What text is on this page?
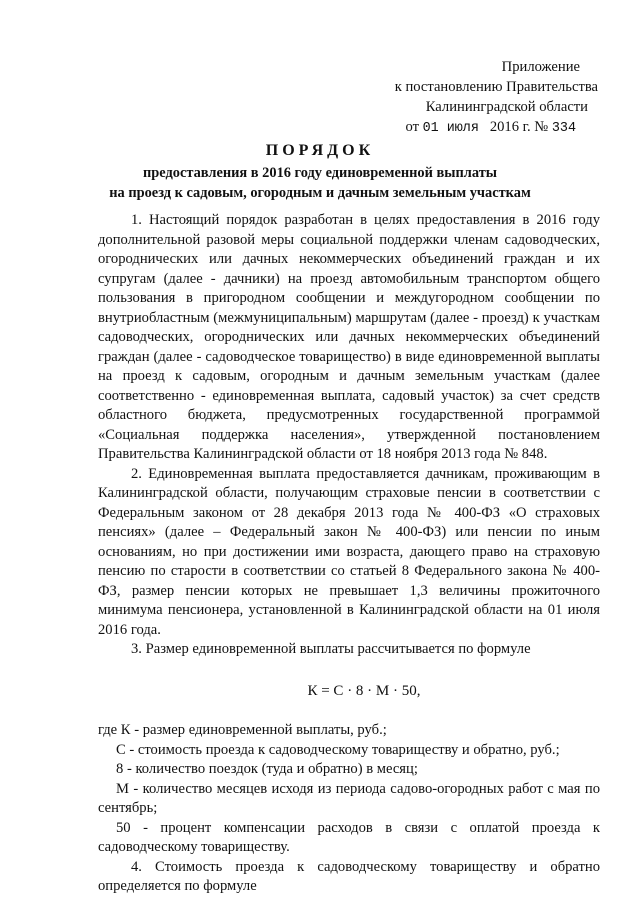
Приложение
к постановлению Правительства
Калининградской области
от 01 июля 2016 г. № 334
ПОРЯДОК
предоставления в 2016 году единовременной выплаты
на проезд к садовым, огородным и дачным земельным участкам

1. Настоящий порядок разработан в целях предоставления в 2016 году дополнительной разовой меры социальной поддержки членам садоводческих, огороднических или дачных некоммерческих объединений граждан и их супругам (далее - дачники) на проезд автомобильным транспортом общего пользования в пригородном сообщении и междугородном сообщении по внутриобластным (межмуниципальным) маршрутам (далее - проезд) к участкам садоводческих, огороднических или дачных некоммерческих объединений граждан (далее - садоводческое товарищество) в виде единовременной выплаты на проезд к садовым, огородным и дачным земельным участкам (далее соответственно - единовременная выплата, садовый участок) за счет средств областного бюджета, предусмотренных государственной программой «Социальная поддержка населения», утвержденной постановлением Правительства Калининградской области от 18 ноября 2013 года № 848.

2. Единовременная выплата предоставляется дачникам, проживающим в Калининградской области, получающим страховые пенсии в соответствии с Федеральным законом от 28 декабря 2013 года № 400-ФЗ «О страховых пенсиях» (далее – Федеральный закон № 400-ФЗ) или пенсии по иным основаниям, но при достижении ими возраста, дающего право на страховую пенсию по старости в соответствии со статьей 8 Федерального закона № 400-ФЗ, размер пенсии которых не превышает 1,3 величины прожиточного минимума пенсионера, установленной в Калининградской области на 01 июля 2016 года.

3. Размер единовременной выплаты рассчитывается по формуле

К = С · 8 · М · 50,

где К - размер единовременной выплаты, руб.;

С - стоимость проезда к садоводческому товариществу и обратно, руб.;

8 - количество поездок (туда и обратно) в месяц;

М - количество месяцев исходя из периода садово-огородных работ с мая по сентябрь;

50 - процент компенсации расходов в связи с оплатой проезда к садоводческому товариществу.

4. Стоимость проезда к садоводческому товариществу и обратно определяется по формуле
